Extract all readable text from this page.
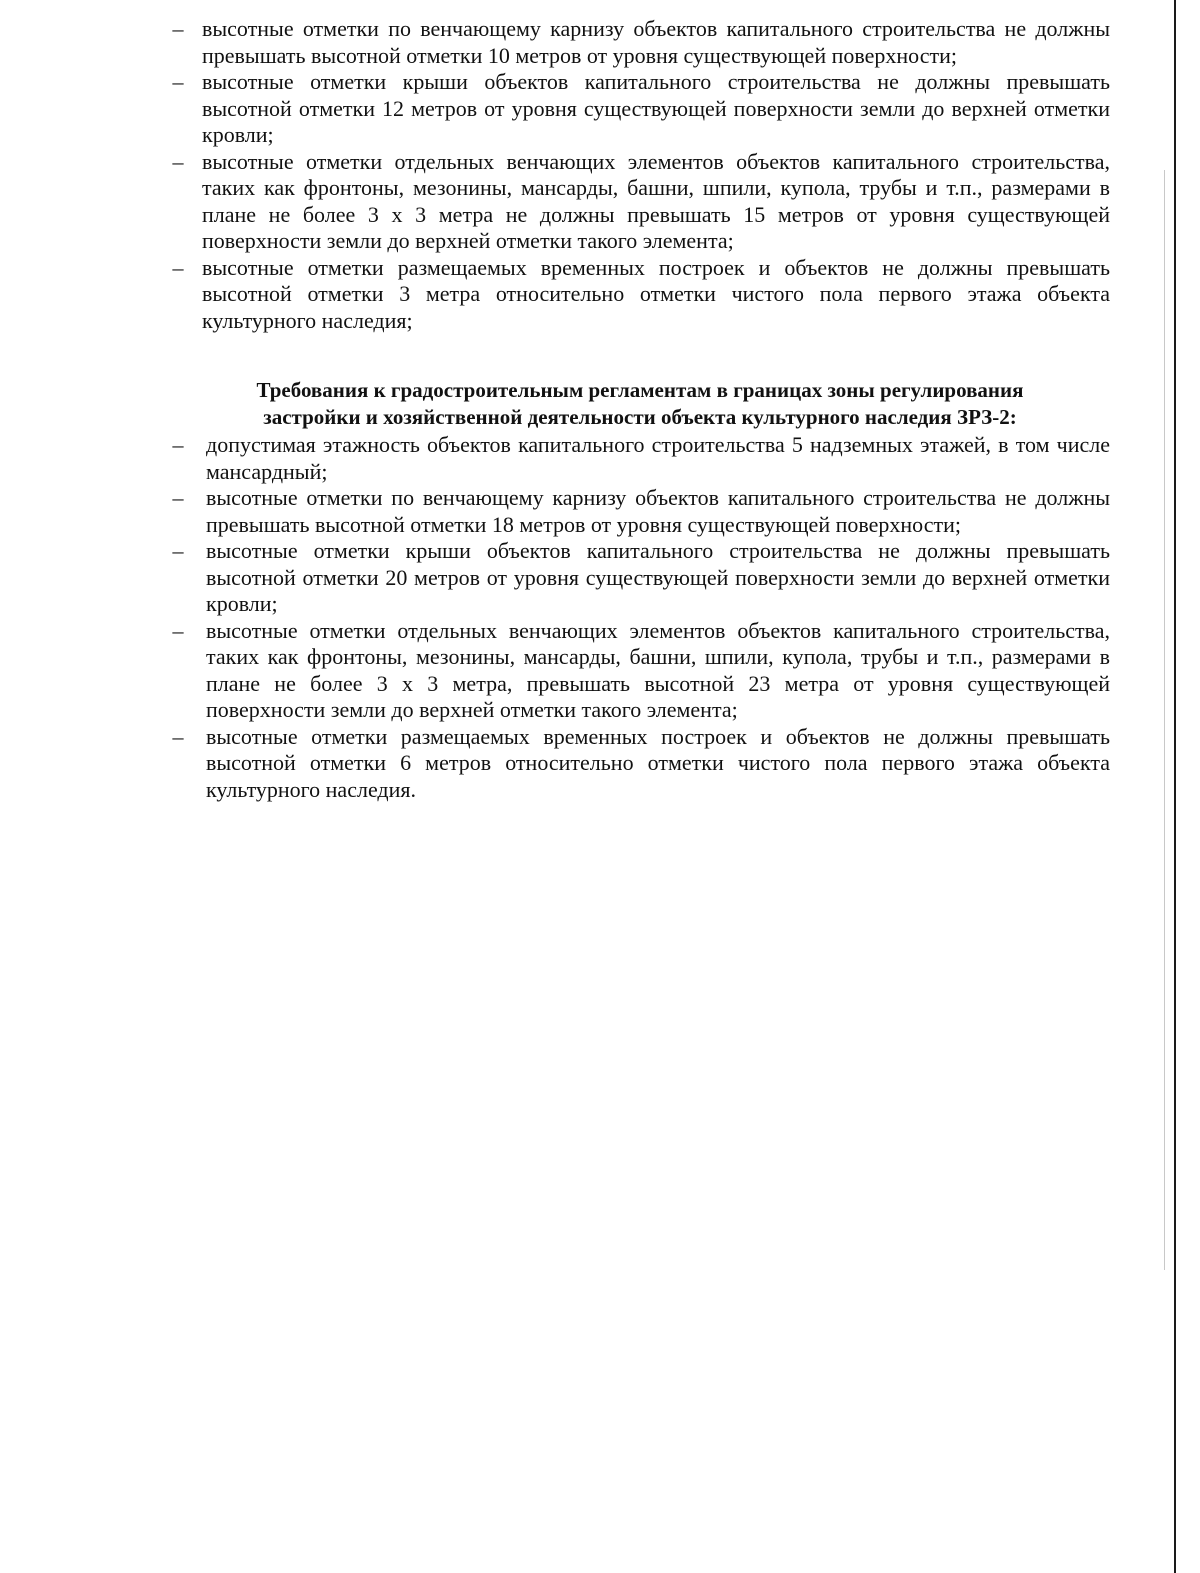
– высотные отметки по венчающему карнизу объектов капитального строительства не должны превышать высотной отметки 10 метров от уровня существующей поверхности;
– высотные отметки крыши объектов капитального строительства не должны превышать высотной отметки 12 метров от уровня существующей поверхности земли до верхней отметки кровли;
– высотные отметки отдельных венчающих элементов объектов капитального строительства, таких как фронтоны, мезонины, мансарды, башни, шпили, купола, трубы и т.п., размерами в плане не более 3 х 3 метра не должны превышать 15 метров от уровня существующей поверхности земли до верхней отметки такого элемента;
– высотные отметки размещаемых временных построек и объектов не должны превышать высотной отметки 3 метра относительно отметки чистого пола первого этажа объекта культурного наследия;
Требования к градостроительным регламентам в границах зоны регулирования
застройки и хозяйственной деятельности объекта культурного наследия ЗРЗ-2:
– допустимая этажность объектов капитального строительства 5 надземных этажей, в том числе мансардный;
– высотные отметки по венчающему карнизу объектов капитального строительства не должны превышать высотной отметки 18 метров от уровня существующей поверхности;
– высотные отметки крыши объектов капитального строительства не должны превышать высотной отметки 20 метров от уровня существующей поверхности земли до верхней отметки кровли;
– высотные отметки отдельных венчающих элементов объектов капитального строительства, таких как фронтоны, мезонины, мансарды, башни, шпили, купола, трубы и т.п., размерами в плане не более 3 х 3 метра, превышать высотной 23 метра от уровня существующей поверхности земли до верхней отметки такого элемента;
– высотные отметки размещаемых временных построек и объектов не должны превышать высотной отметки 6 метров относительно отметки чистого пола первого этажа объекта культурного наследия.
